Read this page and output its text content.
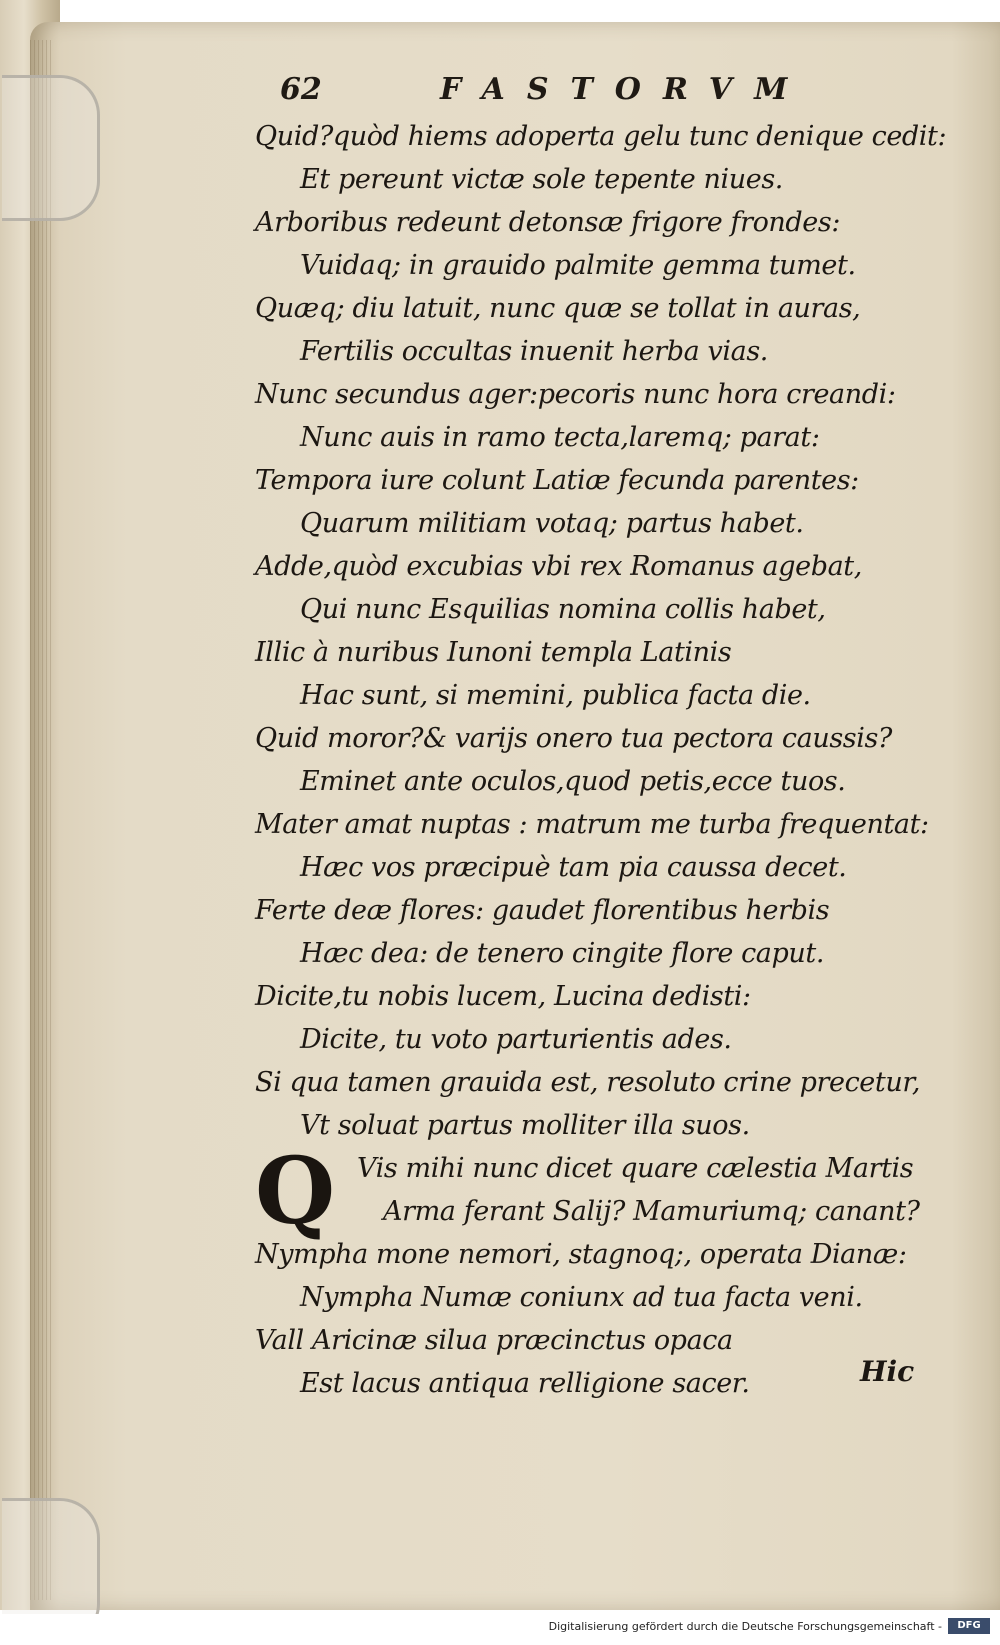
62	FASTORVM
Quid?quòd hiems adoperta gelu tunc denique cedit:
Et pereunt victæ sole tepente niues.
Arboribus redeunt detonsæ frigore frondes:
Vuidaq; in grauido palmite gemma tumet.
Quæq; diu latuit, nunc quæ se tollat in auras,
Fertilis occultas inuenit herba vias.
Nunc secundus ager:pecoris nunc hora creandi:
Nunc auis in ramo tecta,laremq; parat:
Tempora iure colunt Latiæ fecunda parentes:
Quarum militiam votaq; partus habet.
Adde,quòd excubias vbi rex Romanus agebat,
Qui nunc Esquilias nomina collis habet,
Illic à nuribus Iunoni templa Latinis
Hac sunt, si memini, publica facta die.
Quid moror?& varijs onero tua pectora caussis?
Eminet ante oculos,quod petis,ecce tuos.
Mater amat nuptas : matrum me turba frequentat:
Hæc vos præcipuè tam pia caussa decet.
Ferte deæ flores: gaudet florentibus herbis
Hæc dea: de tenero cingite flore caput.
Dicite,tu nobis lucem, Lucina dedisti:
Dicite, tu voto parturientis ades.
Si qua tamen grauida est, resoluto crine precetur,
Vt soluat partus molliter illa suos.
Q Vis mihi nunc dicet quare cælestia Martis
Arma ferant Salij? Mamuriumq; canant?
Nympha mone nemori, stagnoq;, operata Dianæ:
Nympha Numæ coniunx ad tua facta veni.
Vall Aricinæ silua præcinctus opaca
Est lacus antiqua relligione sacer.	Hic
Digitalisierung gefördert durch die Deutsche Forschungsgemeinschaft -	DFG
